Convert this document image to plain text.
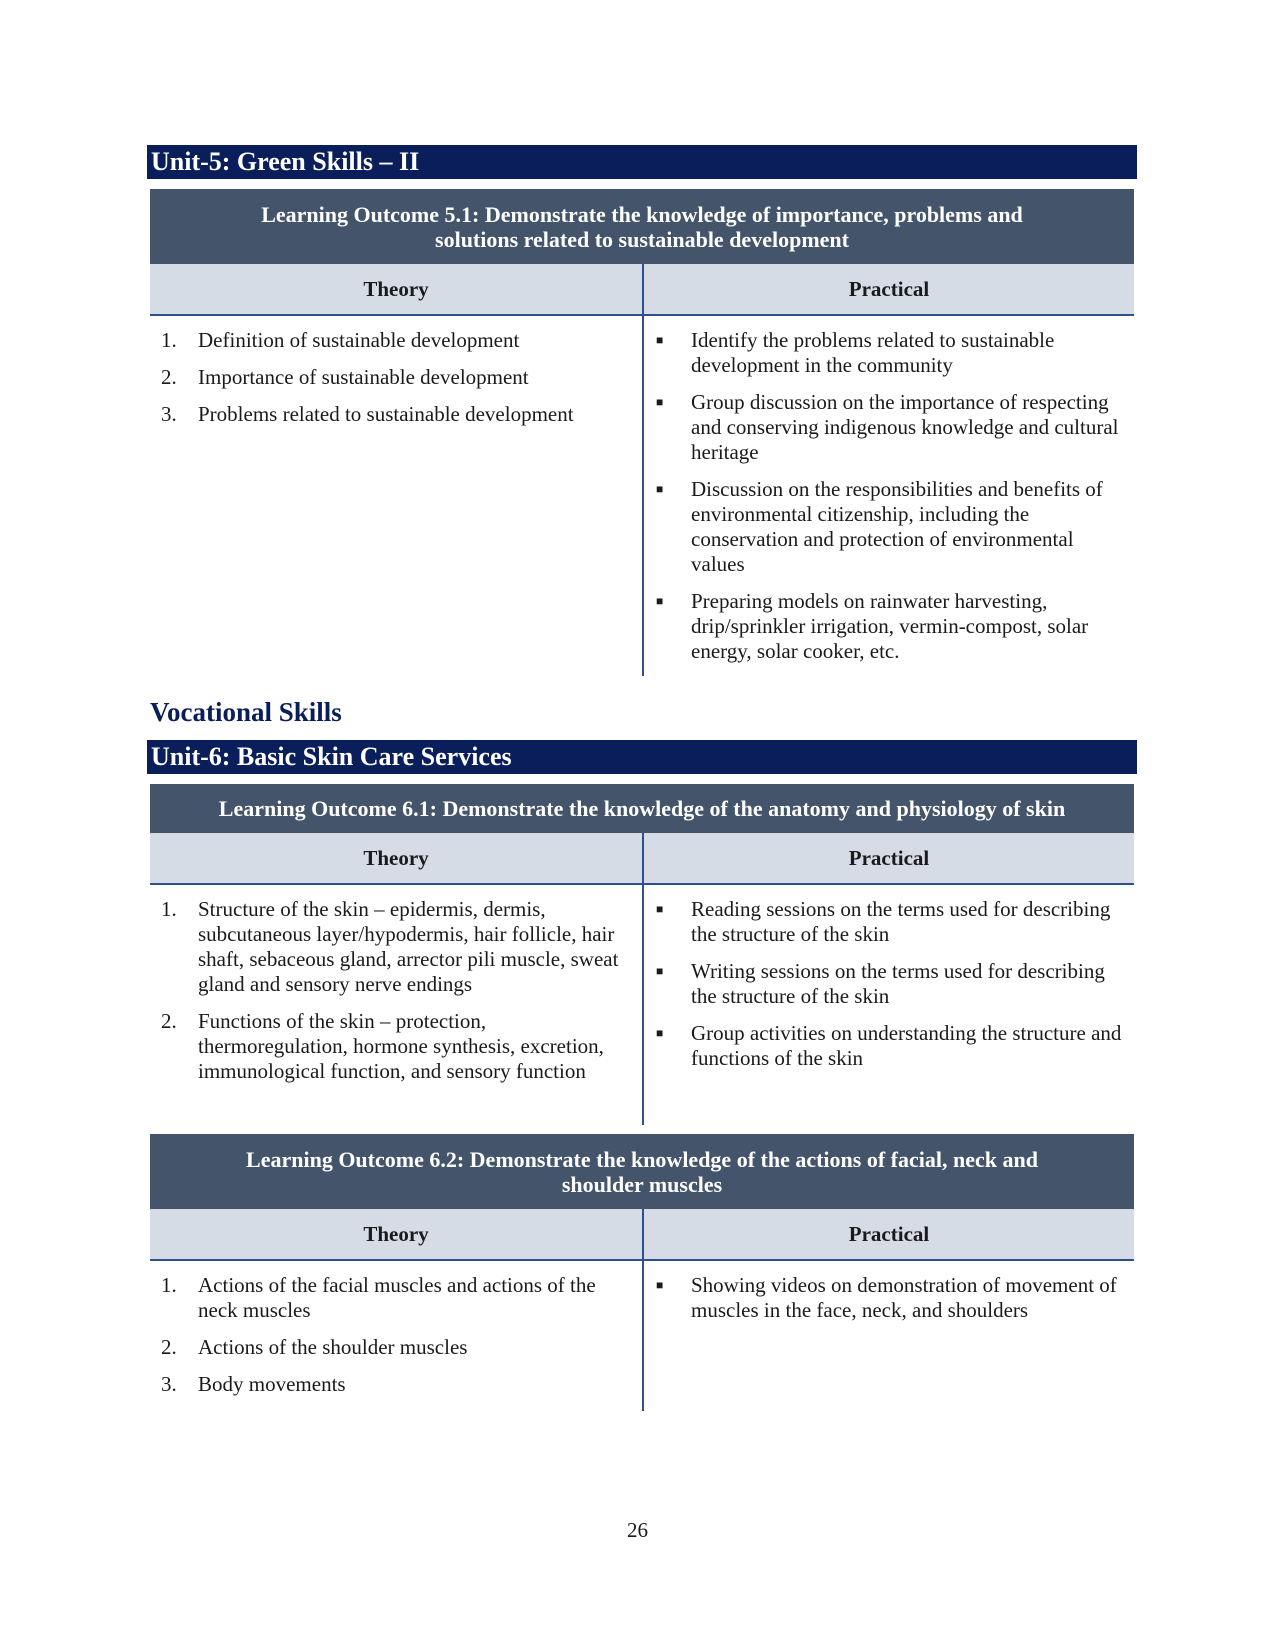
Unit-5: Green Skills – II
Learning Outcome 5.1: Demonstrate the knowledge of importance, problems and
solutions related to sustainable development
Theory	Practical
1.	Definition of sustainable development
2.	Importance of sustainable development
3.	Problems related to sustainable development
■	Identify the problems related to sustainable development in the community
■	Group discussion on the importance of respecting and conserving indigenous knowledge and cultural heritage
■	Discussion on the responsibilities and benefits of environmental citizenship, including the conservation and protection of environmental values
■	Preparing models on rainwater harvesting, drip/sprinkler irrigation, vermin-compost, solar energy, solar cooker, etc.
Vocational Skills
Unit-6: Basic Skin Care Services
Learning Outcome 6.1: Demonstrate the knowledge of the anatomy and physiology of skin
Theory	Practical
1.	Structure of the skin – epidermis, dermis, subcutaneous layer/hypodermis, hair follicle, hair shaft, sebaceous gland, arrector pili muscle, sweat gland and sensory nerve endings
2.	Functions of the skin – protection, thermoregulation, hormone synthesis, excretion, immunological function, and sensory function
■	Reading sessions on the terms used for describing the structure of the skin
■	Writing sessions on the terms used for describing the structure of the skin
■	Group activities on understanding the structure and functions of the skin
Learning Outcome 6.2: Demonstrate the knowledge of the actions of facial, neck and
shoulder muscles
Theory	Practical
1.	Actions of the facial muscles and actions of the neck muscles
2.	Actions of the shoulder muscles
3.	Body movements
■	Showing videos on demonstration of movement of muscles in the face, neck, and shoulders
26
